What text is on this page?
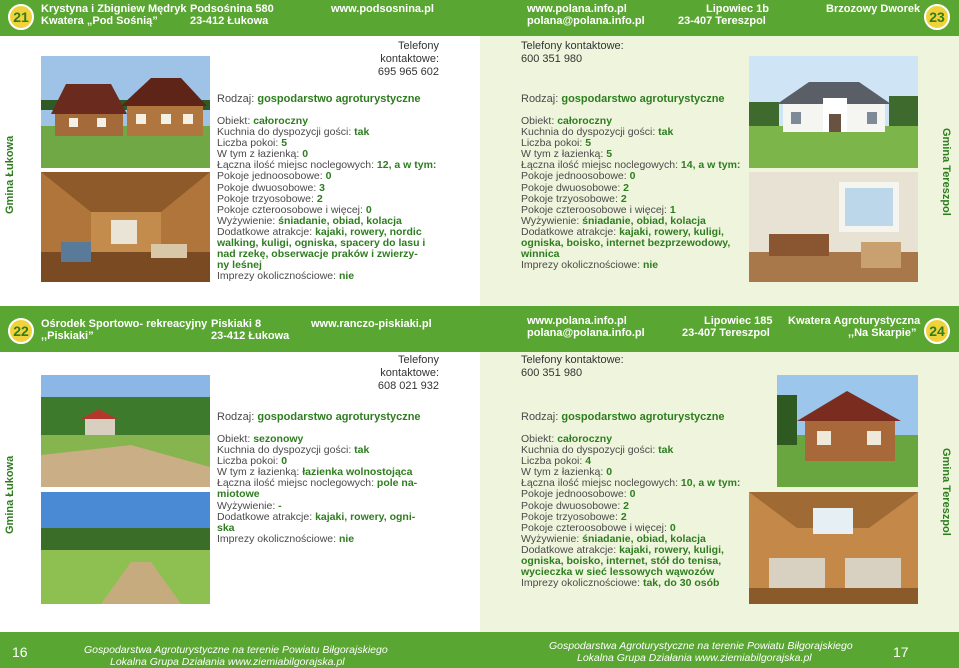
21	Krystyna i Zbigniew Mędryk
Kwatera „Pod Sośnią”
Podsośnina 580
23-412 Łukowa
www.podsosnina.pl	www.polana.info.pl
polana@polana.info.pl
Lipowiec 1b
23-407 Tereszpol
Brzozowy Dworek 23
22	Ośrodek Sportowo- rekreacyjny
,,Piskiaki”
Piskiaki 8
23-412 Łukowa
www.ranczo-piskiaki.pl	www.polana.info.pl
polana@polana.info.pl
Lipowiec 185
23-407 Tereszpol
Kwatera Agroturystyczna
,,Na Skarpie” 24
Gmina Łukowa	Gmina Tereszpol
Gmina Łukowa	Gmina Tereszpol
Telefony kontaktowe:
695 965 602
Rodzaj: gospodarstwo agroturystyczne
Obiekt: całoroczny
Kuchnia do dyspozycji gości: tak
Liczba pokoi: 5
W tym z łazienką: 0
Łączna ilość miejsc noclegowych: 12, a w tym:
Pokoje jednoosobowe: 0
Pokoje dwuosobowe: 3
Pokoje trzyosobowe: 2
Pokoje czteroosobowe i więcej: 0
Wyżywienie: śniadanie, obiad, kolacja
Dodatkowe atrakcje: kajaki, rowery, nordic
walking, kuligi, ogniska, spacery do lasu i
nad rzekę, obserwacje praków i zwierzy-
ny leśnej
Imprezy okolicznościowe: nie
Telefony kontaktowe:
600 351 980
Rodzaj: gospodarstwo agroturystyczne
Obiekt: całoroczny
Kuchnia do dyspozycji gości: tak
Liczba pokoi: 5
W tym z łazienką: 5
Łączna ilość miejsc noclegowych: 14, a w tym:
Pokoje jednoosobowe: 0
Pokoje dwuosobowe: 2
Pokoje trzyosobowe: 2
Pokoje czteroosobowe i więcej: 1
Wyżywienie: śniadanie, obiad, kolacja
Dodatkowe atrakcje: kajaki, rowery, kuligi,
ogniska, boisko, internet bezprzewodowy,
winnica
Imprezy okolicznościowe: nie
Telefony kontaktowe:
608 021 932
Rodzaj: gospodarstwo agroturystyczne
Obiekt: sezonowy
Kuchnia do dyspozycji gości: tak
Liczba pokoi: 0
W tym z łazienką: łazienka wolnostojąca
Łączna ilość miejsc noclegowych: pole na-
miotowe
Wyżywienie: -
Dodatkowe atrakcje: kajaki, rowery, ogni-
ska
Imprezy okolicznościowe: nie
Telefony kontaktowe:
600 351 980
Rodzaj: gospodarstwo agroturystyczne
Obiekt: całoroczny
Kuchnia do dyspozycji gości: tak
Liczba pokoi: 4
W tym z łazienką: 0
Łączna ilość miejsc noclegowych: 10, a w tym:
Pokoje jednoosobowe: 0
Pokoje dwuosobowe: 2
Pokoje trzyosobowe: 2
Pokoje czteroosobowe i więcej: 0
Wyżywienie: śniadanie, obiad, kolacja
Dodatkowe atrakcje: kajaki, rowery, kuligi,
ogniska, boisko, internet, stół do tenisa,
wycieczka w sieć lessowych wąwozów
Imprezy okolicznościowe: tak, do 30 osób
16	Gospodarstwa Agroturystyczne na terenie Powiatu Biłgorajskiego
Lokalna Grupa Działania www.ziemiabilgorajska.pl
Gospodarstwa Agroturystyczne na terenie Powiatu Biłgorajskiego
Lokalna Grupa Działania www.ziemiabilgorajska.pl	17
